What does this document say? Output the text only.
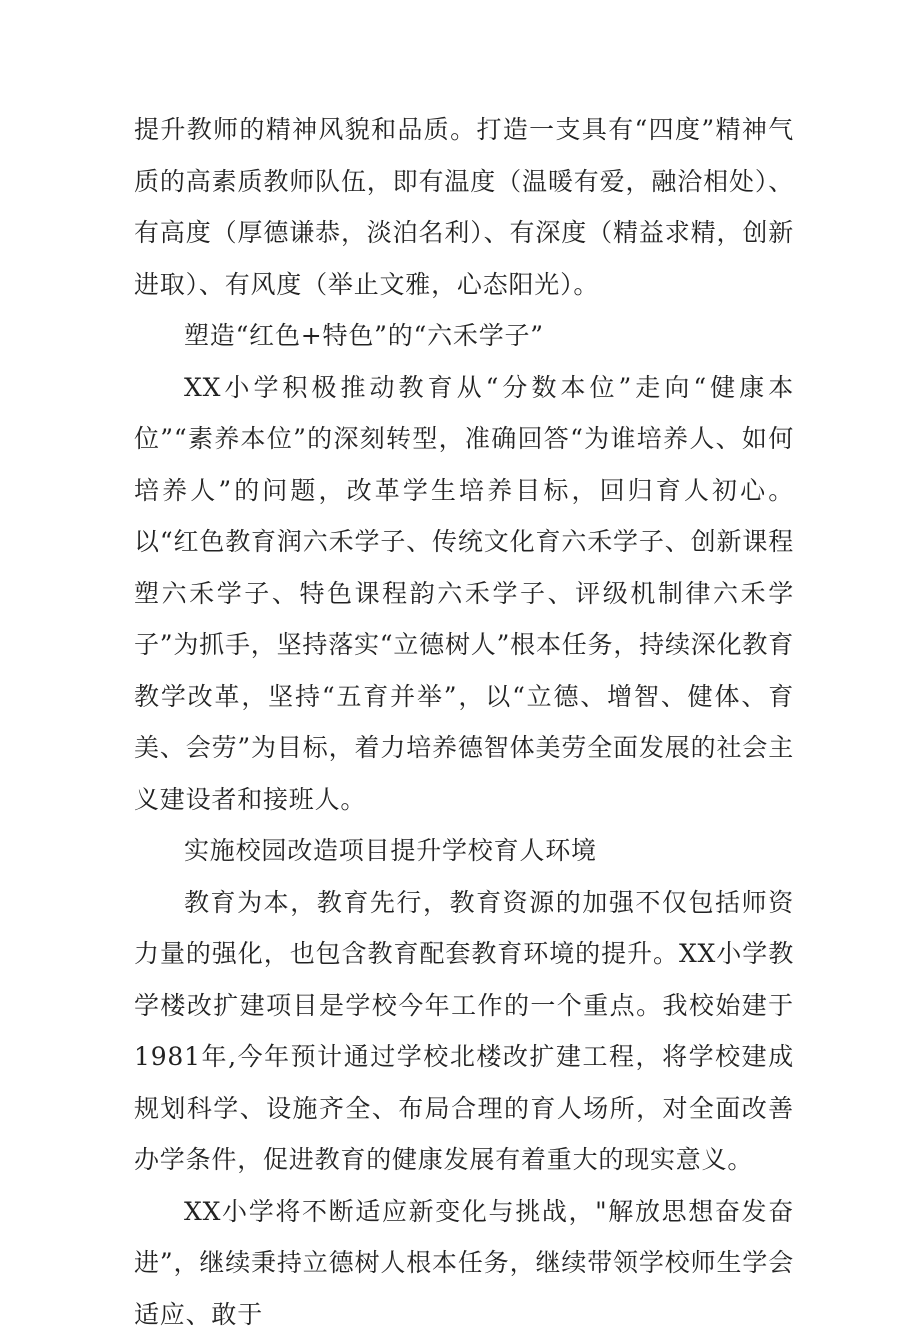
提升教师的精神风貌和品质。打造一支具有“四度”精神气质的高素质教师队伍，即有温度（温暖有爱，融洽相处）、有高度（厚德谦恭，淡泊名利）、有深度（精益求精，创新进取）、有风度（举止文雅，心态阳光）。

塑造“红色+特色”的“六禾学子”

XX小学积极推动教育从“分数本位”走向“健康本位”“素养本位”的深刻转型，准确回答“为谁培养人、如何培养人”的问题，改革学生培养目标，回归育人初心。以“红色教育润六禾学子、传统文化育六禾学子、创新课程塑六禾学子、特色课程韵六禾学子、评级机制律六禾学子”为抓手，坚持落实“立德树人”根本任务，持续深化教育教学改革，坚持“五育并举”，以“立德、增智、健体、育美、会劳”为目标，着力培养德智体美劳全面发展的社会主义建设者和接班人。

实施校园改造项目提升学校育人环境

教育为本，教育先行，教育资源的加强不仅包括师资力量的强化，也包含教育配套教育环境的提升。XX小学教学楼改扩建项目是学校今年工作的一个重点。我校始建于1981年,今年预计通过学校北楼改扩建工程，将学校建成规划科学、设施齐全、布局合理的育人场所，对全面改善办学条件，促进教育的健康发展有着重大的现实意义。

XX小学将不断适应新变化与挑战，"解放思想奋发奋进”，继续秉持立德树人根本任务，继续带领学校师生学会适应、敢于
